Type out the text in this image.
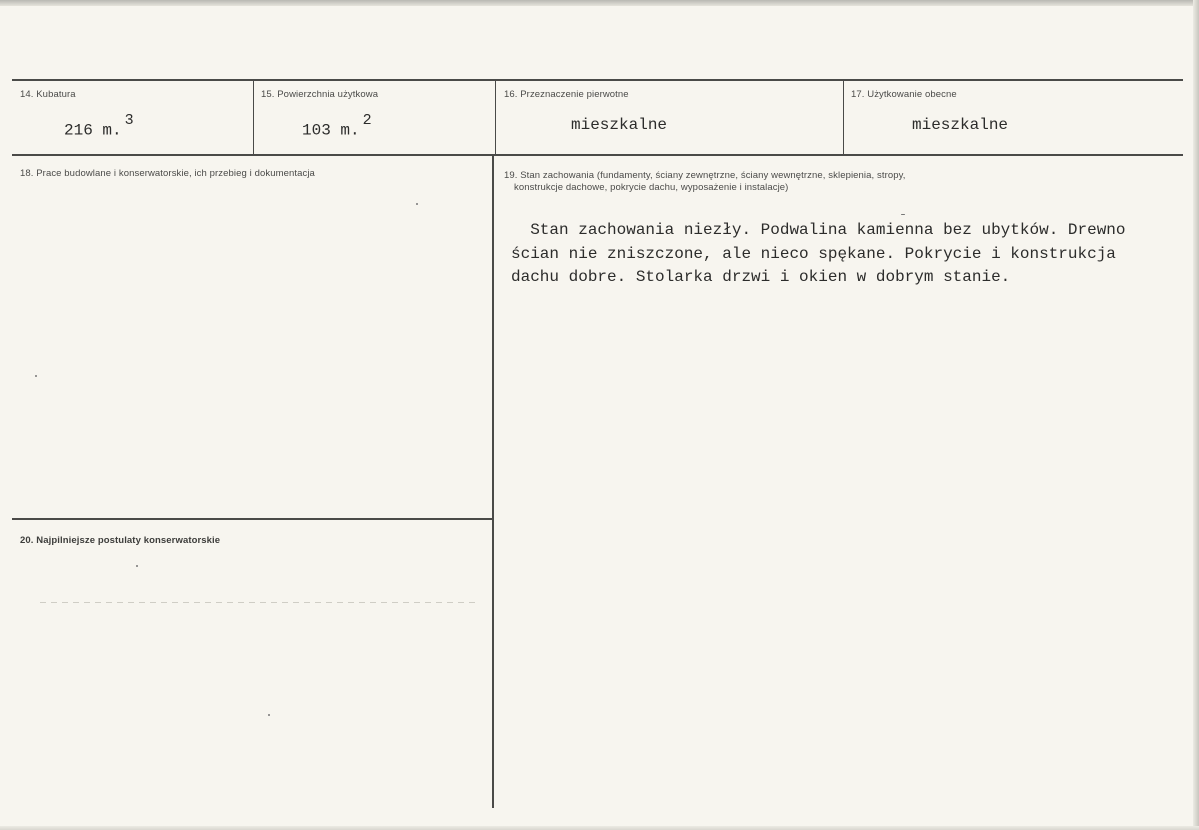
14. Kubatura
216 m.$^3$
15. Powierzchnia użytkowa
103 m.$^2$
16. Przeznaczenie pierwotne
mieszkalne
17. Użytkowanie obecne
mieszkalne
18. Prace budowlane i konserwatorskie, ich przebieg i dokumentacja	19. Stan zachowania (fundamenty, ściany zewnętrzne, ściany wewnętrzne, sklepienia, stropy,
konstrukcje dachowe, pokrycie dachu, wyposażenie i instalacje)
Stan zachowania niezły. Podwalina kamienna bez ubytków. Drewno
ścian nie zniszczone, ale nieco spękane. Pokrycie i konstrukcja
dachu dobre. Stolarka drzwi i okien w dobrym stanie.
20. Najpilniejsze postulaty konserwatorskie
